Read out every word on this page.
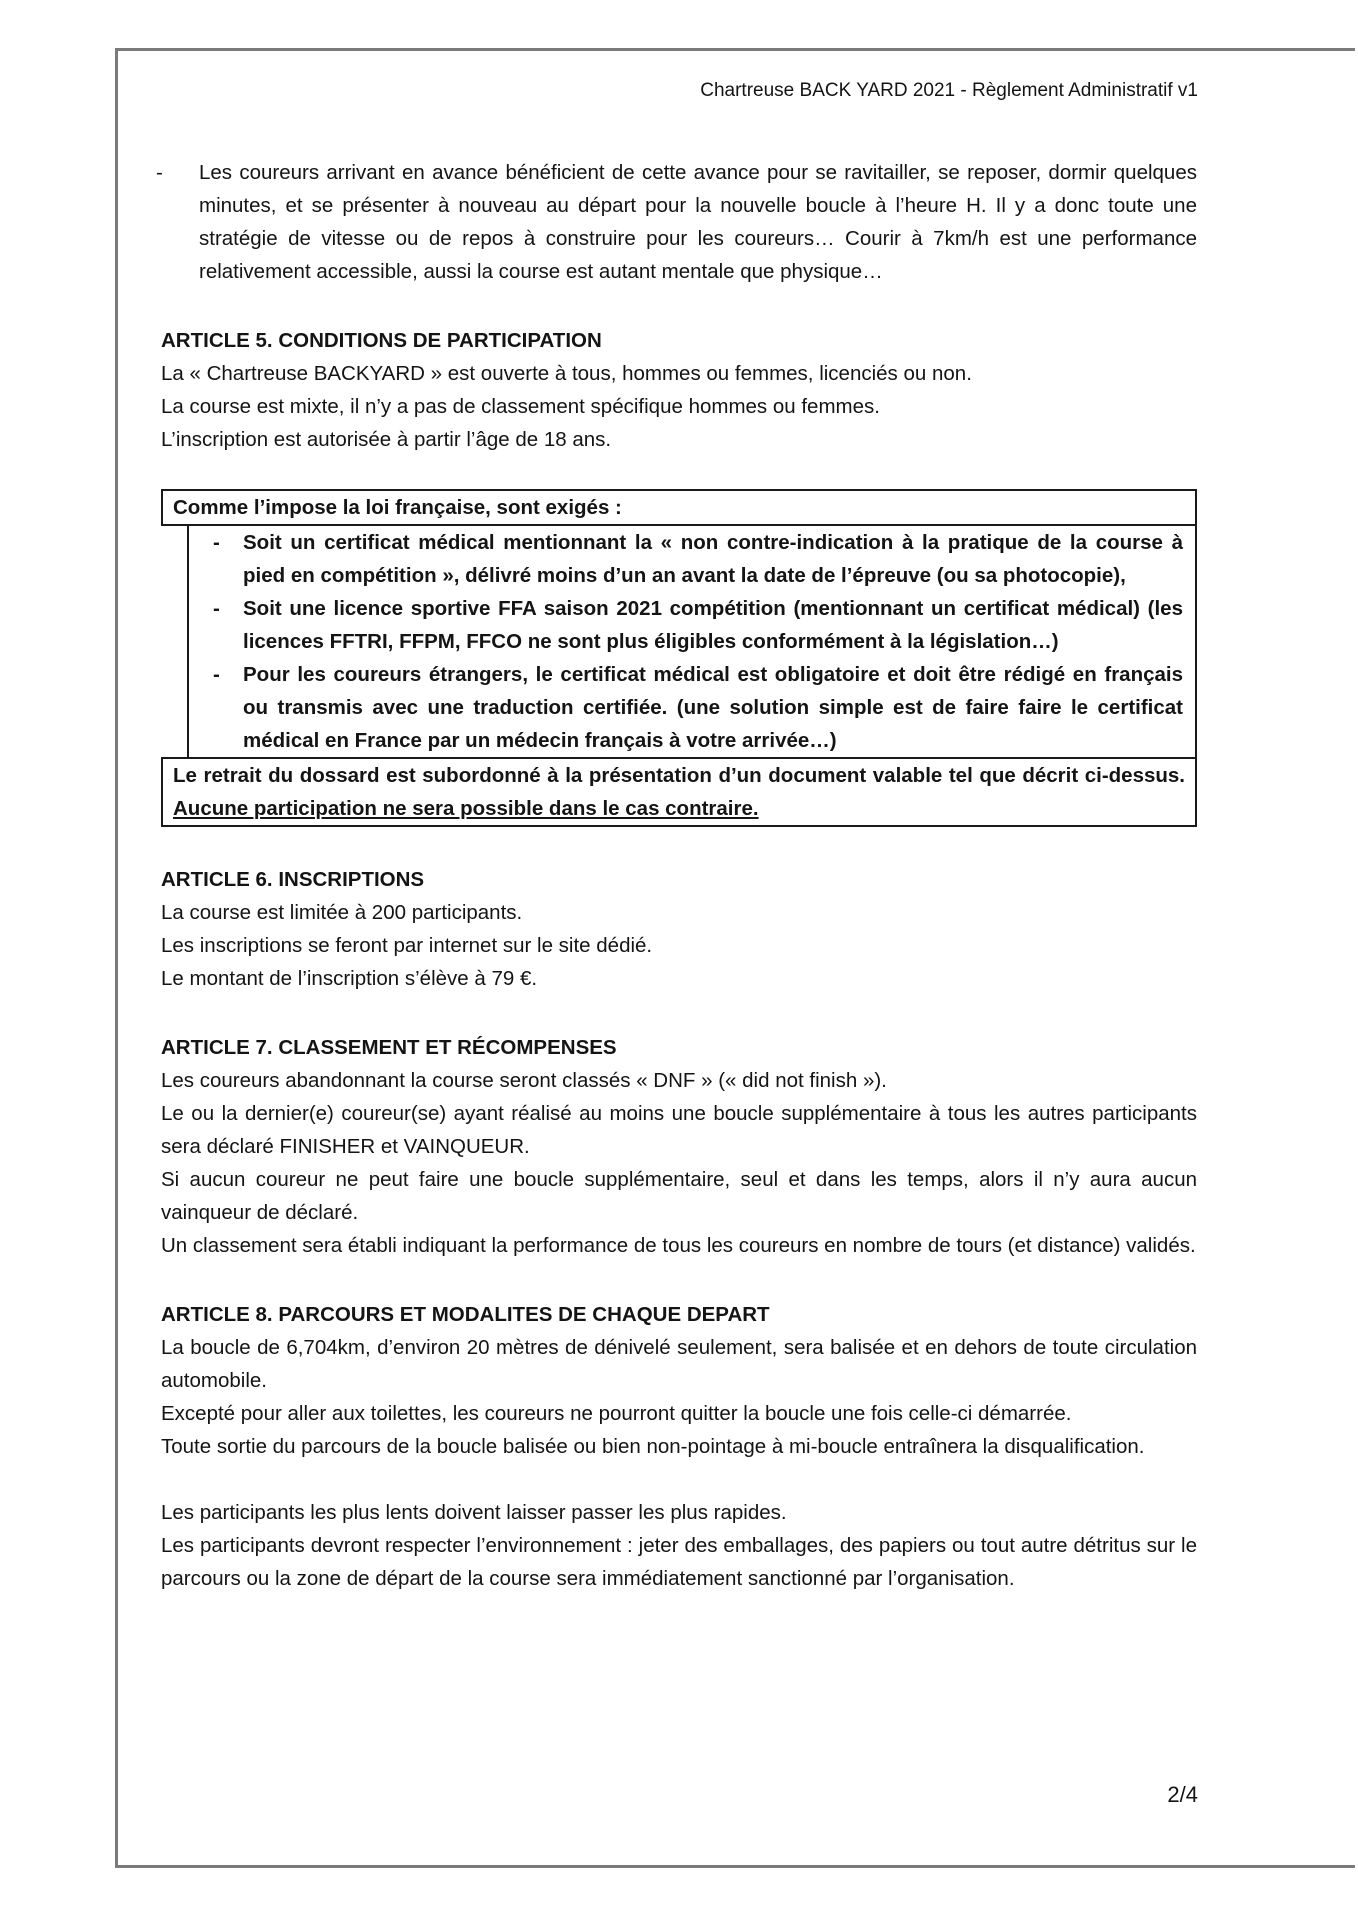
Chartreuse BACK YARD 2021 - Règlement Administratif v1
- Les coureurs arrivant en avance bénéficient de cette avance pour se ravitailler, se reposer, dormir quelques minutes, et se présenter à nouveau au départ pour la nouvelle boucle à l’heure H. Il y a donc toute une stratégie de vitesse ou de repos à construire pour les coureurs… Courir à 7km/h est une performance relativement accessible, aussi la course est autant mentale que physique…

ARTICLE 5. CONDITIONS DE PARTICIPATION

La « Chartreuse BACKYARD » est ouverte à tous, hommes ou femmes, licenciés ou non.

La course est mixte, il n’y a pas de classement spécifique hommes ou femmes.

L’inscription est autorisée à partir l’âge de 18 ans.

Comme l’impose la loi française, sont exigés :
- Soit un certificat médical mentionnant la « non contre-indication à la pratique de la course à pied en compétition », délivré moins d’un an avant la date de l’épreuve (ou sa photocopie),
- Soit une licence sportive FFA saison 2021 compétition (mentionnant un certificat médical) (les licences FFTRI, FFPM, FFCO ne sont plus éligibles conformément à la législation…)
- Pour les coureurs étrangers, le certificat médical est obligatoire et doit être rédigé en français ou transmis avec une traduction certifiée. (une solution simple est de faire faire le certificat médical en France par un médecin français à votre arrivée…)
Le retrait du dossard est subordonné à la présentation d’un document valable tel que décrit ci-dessus. Aucune participation ne sera possible dans le cas contraire.

ARTICLE 6. INSCRIPTIONS

La course est limitée à 200 participants.

Les inscriptions se feront par internet sur le site dédié.

Le montant de l’inscription s’élève à 79 €.

ARTICLE 7. CLASSEMENT ET RÉCOMPENSES

Les coureurs abandonnant la course seront classés « DNF » (« did not finish »).

Le ou la dernier(e) coureur(se) ayant réalisé au moins une boucle supplémentaire à tous les autres participants sera déclaré FINISHER et VAINQUEUR.

Si aucun coureur ne peut faire une boucle supplémentaire, seul et dans les temps, alors il n’y aura aucun vainqueur de déclaré.

Un classement sera établi indiquant la performance de tous les coureurs en nombre de tours (et distance) validés.

ARTICLE 8. PARCOURS ET MODALITES DE CHAQUE DEPART

La boucle de 6,704km, d’environ 20 mètres de dénivelé seulement, sera balisée et en dehors de toute circulation automobile.

Excepté pour aller aux toilettes, les coureurs ne pourront quitter la boucle une fois celle-ci démarrée.

Toute sortie du parcours de la boucle balisée ou bien non-pointage à mi-boucle entraînera la disqualification.

Les participants les plus lents doivent laisser passer les plus rapides.

Les participants devront respecter l’environnement : jeter des emballages, des papiers ou tout autre détritus sur le parcours ou la zone de départ de la course sera immédiatement sanctionné par l’organisation.

2/4
